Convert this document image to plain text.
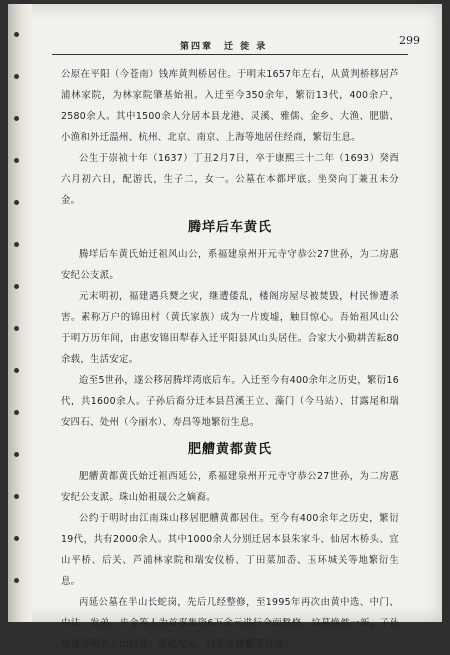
第四章　迁 徙 录	299

公原在平阳（今苍南）钱库黄判桥居住。于明末1657年左右，从黄判桥移居芦浦林家院，为林家院肇基始祖。入迁至今350余年，繁衍13代，400余户，2580余人。其中1500余人分居本县龙港、灵溪、雅儒、金乡、大渔、肥腊、小渔和外迁温州、杭州、北京、南京、上海等地居住经商，繁衍生息。

公生于崇祯十年（1637）丁丑2月7日，卒于康熙三十二年（1693）癸酉六月初六日，配游氏，生子二，女一。公墓在本都坪底。坐癸向丁兼丑未分金。

腾垟后车黄氏

腾垟后车黄氏始迁祖风山公，系福建泉州开元寺守恭公27世孙，为二房惠安纪公支派。

元末明初，福建遇兵燹之灾，继遭倭乱，楼阁房屋尽被焚毁，村民惨遭杀害。素称万户的锦田村（黄氏家族）成为一片废墟，触目惊心。吾始祖风山公于明万历年间，由惠安锦田犁春入迁平阳县风山头居住。合家大小勤耕苦耘80余载，生活安定。

迨至5世孙，遂公移居腾垟湾底后车。入迁至今有400余年之历史，繁衍16代，共1600余人。子孙后裔分迁本县莒溪王立、藻门（今马站）、甘露尾和瑞安四石、处州（今丽水）、寿昌等地繁衍生息。

肥艚黄都黄氏

肥艚黄都黄氏始迁祖西延公，系福建泉州开元寺守恭公27世孙，为二房惠安纪公支派。珠山始祖晟公之嫡裔。

公约于明时由江南珠山移居肥艚黄都居住。至今有400余年之历史，繁衍19代，共有2000余人。其中1000余人分别迁居本县朱家斗、仙居木桥头、宜山平桥、后关、芦浦林家院和瑞安仪桥、丁田菜加岙、玉环城关等地繁衍生息。

丙延公墓在半山长蛇岗，先后几经整修，至1995年再次由黄中选、中门、中法、发弟、步金等人为首事集资6万余元进行全面整修，坟墓焕然一新。子孙每逢清明节上山扫墓，祭祀先灵，以祈全族繁荣昌盛。
